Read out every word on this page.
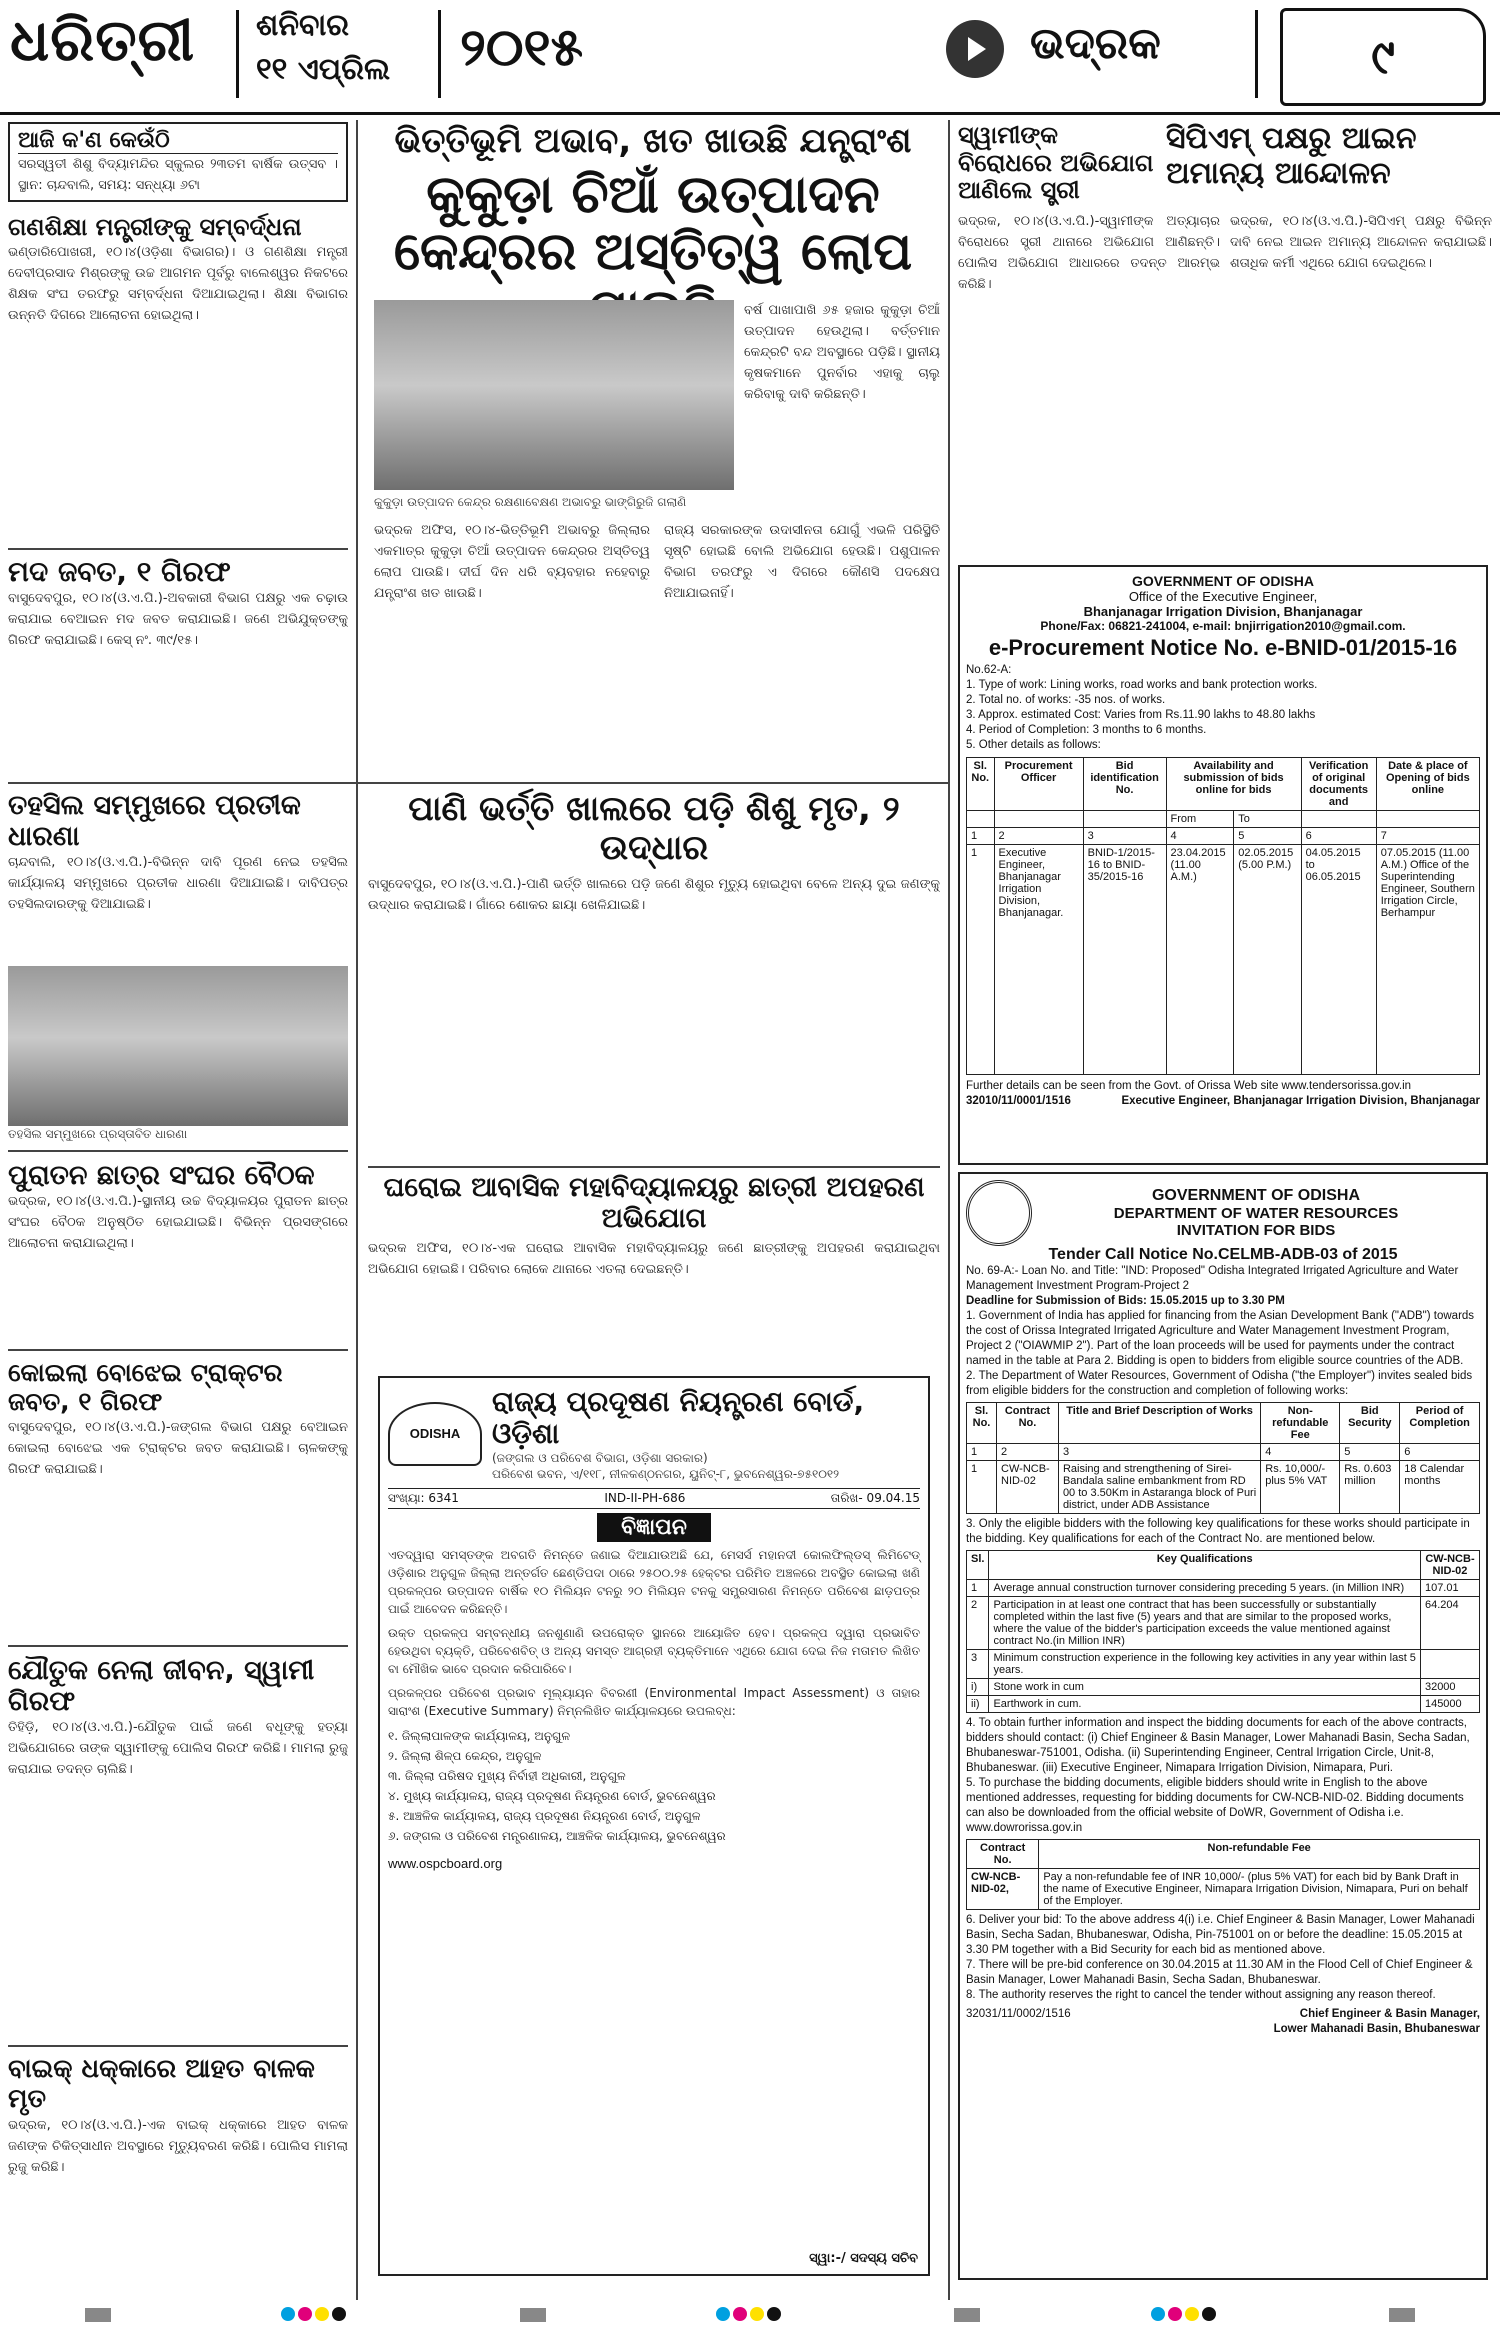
ଧରିତ୍ରୀ ଶନିବାର
୧୧ ଏପ୍ରିଲ ୨୦୧୫	ଭଦ୍ରକ	୯
ଆଜି କ'ଣ କେଉଁଠି
ସରସ୍ୱତୀ ଶିଶୁ ବିଦ୍ୟାମନ୍ଦିର ସ୍କୁଲର ୨୩ତମ ବାର୍ଷିକ ଉତ୍ସବ । ସ୍ଥାନ: ଚାନ୍ଦବାଲି, ସମୟ: ସନ୍ଧ୍ୟା ୬ଟା
ଗଣଶିକ୍ଷା ମନ୍ତ୍ରୀଙ୍କୁ ସମ୍ବର୍ଦ୍ଧନା
ଭଣ୍ଡାରିପୋଖରୀ, ୧୦।୪(ଓଡ଼ିଶା ବିଭାଗର)। ଓ ଗଣଶିକ୍ଷା ମନ୍ତ୍ରୀ ଦେବୀପ୍ରସାଦ ମିଶ୍ରଙ୍କୁ ଉଚ୍ଚ ଆଗମନ ପୂର୍ବରୁ ବାଲେଶ୍ୱର ନିକଟରେ ଶିକ୍ଷକ ସଂଘ ତରଫରୁ ସମ୍ବର୍ଦ୍ଧନା ଦିଆଯାଇଥିଲା। ଶିକ୍ଷା ବିଭାଗର ଉନ୍ନତି ଦିଗରେ ଆଲୋଚନା ହୋଇଥିଲା।
ମଦ ଜବତ, ୧ ଗିରଫ
ବାସୁଦେବପୁର, ୧୦।୪(ଓ.ଏ.ପି.)-ଅବକାରୀ ବିଭାଗ ପକ୍ଷରୁ ଏକ ଚଢ଼ାଉ କରାଯାଇ ବେଆଇନ ମଦ ଜବତ କରାଯାଇଛି। ଜଣେ ଅଭିଯୁକ୍ତଙ୍କୁ ଗିରଫ କରାଯାଇଛି। କେସ୍ ନଂ. ୩୯/୧୫।
ତହସିଲ ସମ୍ମୁଖରେ ପ୍ରତୀକ ଧାରଣା
ଚାନ୍ଦବାଲି, ୧୦।୪(ଓ.ଏ.ପି.)-ବିଭିନ୍ନ ଦାବି ପୂରଣ ନେଇ ତହସିଲ କାର୍ଯ୍ୟାଳୟ ସମ୍ମୁଖରେ ପ୍ରତୀକ ଧାରଣା ଦିଆଯାଇଛି। ଦାବିପତ୍ର ତହସିଲଦାରଙ୍କୁ ଦିଆଯାଇଛି।
ତହସିଲ ସମ୍ମୁଖରେ ପ୍ରସ୍ତାବିତ ଧାରଣା
ପୁରାତନ ଛାତ୍ର ସଂଘର ବୈଠକ
ଭଦ୍ରକ, ୧୦।୪(ଓ.ଏ.ପି.)-ସ୍ଥାନୀୟ ଉଚ୍ଚ ବିଦ୍ୟାଳୟର ପୁରାତନ ଛାତ୍ର ସଂଘର ବୈଠକ ଅନୁଷ୍ଠିତ ହୋଇଯାଇଛି। ବିଭିନ୍ନ ପ୍ରସଙ୍ଗରେ ଆଲୋଚନା କରାଯାଇଥିଲା।
କୋଇଲା ବୋଝେଇ ଟ୍ରାକ୍ଟର ଜବତ, ୧ ଗିରଫ
ବାସୁଦେବପୁର, ୧୦।୪(ଓ.ଏ.ପି.)-ଜଙ୍ଗଲ ବିଭାଗ ପକ୍ଷରୁ ବେଆଇନ କୋଇଲା ବୋଝେଇ ଏକ ଟ୍ରାକ୍ଟର ଜବତ କରାଯାଇଛି। ଚାଳକଙ୍କୁ ଗିରଫ କରାଯାଇଛି।
ଯୌତୁକ ନେଲା ଜୀବନ, ସ୍ୱାମୀ ଗିରଫ
ତିହିଡ଼ି, ୧୦।୪(ଓ.ଏ.ପି.)-ଯୌତୁକ ପାଇଁ ଜଣେ ବଧୂଙ୍କୁ ହତ୍ୟା ଅଭିଯୋଗରେ ତାଙ୍କ ସ୍ୱାମୀଙ୍କୁ ପୋଲିସ ଗିରଫ କରିଛି। ମାମଲା ରୁଜୁ କରାଯାଇ ତଦନ୍ତ ଚାଲିଛି।
ବାଇକ୍ ଧକ୍କାରେ ଆହତ ବାଳକ ମୃତ
ଭଦ୍ରକ, ୧୦।୪(ଓ.ଏ.ପି.)-ଏକ ବାଇକ୍ ଧକ୍କାରେ ଆହତ ବାଳକ ଜଣଙ୍କ ଚିକିତ୍ସାଧୀନ ଅବସ୍ଥାରେ ମୃତ୍ୟୁବରଣ କରିଛି। ପୋଲିସ ମାମଲା ରୁଜୁ କରିଛି।
ଭିତ୍ତିଭୂମି ଅଭାବ, ଖତ ଖାଉଛି ଯନ୍ତ୍ରାଂଶ
କୁକୁଡ଼ା ଚିଆଁ ଉତ୍ପାଦନ କେନ୍ଦ୍ରର ଅସ୍ତିତ୍ୱ ଲୋପ
କୁକୁଡ଼ା ଉତ୍ପାଦନ କେନ୍ଦ୍ର ରକ୍ଷଣାବେକ୍ଷଣ ଅଭାବରୁ ଭାଙ୍ଗିରୁଜି ଗଲାଣି
ବର୍ଷ ପାଖାପାଖି ୬୫ ହଜାର କୁକୁଡ଼ା ଚିଆଁ ଉତ୍ପାଦନ ହେଉଥିଲା। ବର୍ତ୍ତମାନ କେନ୍ଦ୍ରଟି ବନ୍ଦ ଅବସ୍ଥାରେ ପଡ଼ିଛି। ସ୍ଥାନୀୟ କୃଷକମାନେ ପୁନର୍ବାର ଏହାକୁ ଚାଲୁ କରିବାକୁ ଦାବି କରିଛନ୍ତି।
ଭଦ୍ରକ ଅଫିସ, ୧୦।୪-ଭିତ୍ତିଭୂମି ଅଭାବରୁ ଜିଲ୍ଲାର ଏକମାତ୍ର କୁକୁଡ଼ା ଚିଆଁ ଉତ୍ପାଦନ କେନ୍ଦ୍ରର ଅସ୍ତିତ୍ୱ ଲୋପ ପାଉଛି। ଦୀର୍ଘ ଦିନ ଧରି ବ୍ୟବହାର ନହେବାରୁ ଯନ୍ତ୍ରାଂଶ ଖତ ଖାଉଛି।
ରାଜ୍ୟ ସରକାରଙ୍କ ଉଦାସୀନତା ଯୋଗୁଁ ଏଭଳି ପରିସ୍ଥିତି ସୃଷ୍ଟି ହୋଇଛି ବୋଲି ଅଭିଯୋଗ ହେଉଛି। ପଶୁପାଳନ ବିଭାଗ ତରଫରୁ ଏ ଦିଗରେ କୌଣସି ପଦକ୍ଷେପ ନିଆଯାଇନାହିଁ।
ପାଣି ଭର୍ତ୍ତି ଖାଲରେ ପଡ଼ି ଶିଶୁ ମୃତ, ୨ ଉଦ୍ଧାର
ବାସୁଦେବପୁର, ୧୦।୪(ଓ.ଏ.ପି.)-ପାଣି ଭର୍ତ୍ତି ଖାଲରେ ପଡ଼ି ଜଣେ ଶିଶୁର ମୃତ୍ୟୁ ହୋଇଥିବା ବେଳେ ଅନ୍ୟ ଦୁଇ ଜଣଙ୍କୁ ଉଦ୍ଧାର କରାଯାଇଛି। ଗାଁରେ ଶୋକର ଛାୟା ଖେଳିଯାଇଛି।
ଘରୋଇ ଆବାସିକ ମହାବିଦ୍ୟାଳୟରୁ ଛାତ୍ରୀ ଅପହରଣ ଅଭିଯୋଗ
ଭଦ୍ରକ ଅଫିସ, ୧୦।୪-ଏକ ଘରୋଇ ଆବାସିକ ମହାବିଦ୍ୟାଳୟରୁ ଜଣେ ଛାତ୍ରୀଙ୍କୁ ଅପହରଣ କରାଯାଇଥିବା ଅଭିଯୋଗ ହୋଇଛି। ପରିବାର ଲୋକେ ଥାନାରେ ଏତଲା ଦେଇଛନ୍ତି।
ODISHA
ରାଜ୍ୟ ପ୍ରଦୂଷଣ ନିୟନ୍ତ୍ରଣ ବୋର୍ଡ, ଓଡ଼ିଶା
(ଜଙ୍ଗଲ ଓ ପରିବେଶ ବିଭାଗ, ଓଡ଼ିଶା ସରକାର)
ପରିବେଶ ଭବନ, ଏ/୧୧୮, ନୀଳକଣ୍ଠନଗର, ୟୁନିଟ୍-୮, ଭୁବନେଶ୍ୱର-୭୫୧୦୧୨
ସଂଖ୍ୟା: 6341	IND-II-PH-686	ତାରିଖ- 09.04.15
ବିଜ୍ଞାପନ
ଏତଦ୍ୱାରା ସମସ୍ତଙ୍କ ଅବଗତି ନିମନ୍ତେ ଜଣାଇ ଦିଆଯାଉଅଛି ଯେ, ମେସର୍ସ ମହାନଦୀ କୋଲଫିଲ୍ଡସ୍ ଲିମିଟେଡ୍ ଓଡ଼ିଶାର ଅନୁଗୁଳ ଜିଲ୍ଲା ଅନ୍ତର୍ଗତ ଛେଣ୍ଡିପଦା ଠାରେ ୨୫୦୦.୨୫ ହେକ୍ଟର ପରିମିତ ଅଞ୍ଚଳରେ ଅବସ୍ଥିତ କୋଇଲା ଖଣି ପ୍ରକଳ୍ପର ଉତ୍ପାଦନ ବାର୍ଷିକ ୧୦ ମିଲିୟନ ଟନରୁ ୨୦ ମିଲିୟନ ଟନକୁ ସମ୍ପ୍ରସାରଣ ନିମନ୍ତେ ପରିବେଶ ଛାଡ଼ପତ୍ର ପାଇଁ ଆବେଦନ କରିଛନ୍ତି।
ଉକ୍ତ ପ୍ରକଳ୍ପ ସମ୍ବନ୍ଧୀୟ ଜନଶୁଣାଣି ଉପରୋକ୍ତ ସ୍ଥାନରେ ଆୟୋଜିତ ହେବ। ପ୍ରକଳ୍ପ ଦ୍ୱାରା ପ୍ରଭାବିତ ହେଉଥିବା ବ୍ୟକ୍ତି, ପରିବେଶବିତ୍ ଓ ଅନ୍ୟ ସମସ୍ତ ଆଗ୍ରହୀ ବ୍ୟକ୍ତିମାନେ ଏଥିରେ ଯୋଗ ଦେଇ ନିଜ ମତାମତ ଲିଖିତ ବା ମୌଖିକ ଭାବେ ପ୍ରଦାନ କରିପାରିବେ।
ପ୍ରକଳ୍ପର ପରିବେଶ ପ୍ରଭାବ ମୂଲ୍ୟାୟନ ବିବରଣୀ (Environmental Impact Assessment) ଓ ତାହାର ସାରାଂଶ (Executive Summary) ନିମ୍ନଲିଖିତ କାର୍ଯ୍ୟାଳୟରେ ଉପଲବ୍ଧ:
୧. ଜିଲ୍ଲାପାଳଙ୍କ କାର୍ଯ୍ୟାଳୟ, ଅନୁଗୁଳ
୨. ଜିଲ୍ଲା ଶିଳ୍ପ କେନ୍ଦ୍ର, ଅନୁଗୁଳ
୩. ଜିଲ୍ଲା ପରିଷଦ ମୁଖ୍ୟ ନିର୍ବାହୀ ଅଧିକାରୀ, ଅନୁଗୁଳ
୪. ମୁଖ୍ୟ କାର୍ଯ୍ୟାଳୟ, ରାଜ୍ୟ ପ୍ରଦୂଷଣ ନିୟନ୍ତ୍ରଣ ବୋର୍ଡ, ଭୁବନେଶ୍ୱର
୫. ଆଞ୍ଚଳିକ କାର୍ଯ୍ୟାଳୟ, ରାଜ୍ୟ ପ୍ରଦୂଷଣ ନିୟନ୍ତ୍ରଣ ବୋର୍ଡ, ଅନୁଗୁଳ
୬. ଜଙ୍ଗଲ ଓ ପରିବେଶ ମନ୍ତ୍ରଣାଳୟ, ଆଞ୍ଚଳିକ କାର୍ଯ୍ୟାଳୟ, ଭୁବନେଶ୍ୱର
www.ospcboard.org
ସ୍ୱା:-/ ସଦସ୍ୟ ସଚିବ
ସ୍ୱାମୀଙ୍କ ବିରୋଧରେ ଅଭିଯୋଗ ଆଣିଲେ ସ୍ତ୍ରୀ
ସିପିଏମ୍ ପକ୍ଷରୁ ଆଇନ ଅମାନ୍ୟ ଆନ୍ଦୋଳନ
ଭଦ୍ରକ, ୧୦।୪(ଓ.ଏ.ପି.)-ସ୍ୱାମୀଙ୍କ ଅତ୍ୟାଚାର ବିରୋଧରେ ସ୍ତ୍ରୀ ଥାନାରେ ଅଭିଯୋଗ ଆଣିଛନ୍ତି। ପୋଲିସ ଅଭିଯୋଗ ଆଧାରରେ ତଦନ୍ତ ଆରମ୍ଭ କରିଛି।
ଭଦ୍ରକ, ୧୦।୪(ଓ.ଏ.ପି.)-ସିପିଏମ୍ ପକ୍ଷରୁ ବିଭିନ୍ନ ଦାବି ନେଇ ଆଇନ ଅମାନ୍ୟ ଆନ୍ଦୋଳନ କରାଯାଇଛି। ଶତାଧିକ କର୍ମୀ ଏଥିରେ ଯୋଗ ଦେଇଥିଲେ।
GOVERNMENT OF ODISHA
Office of the Executive Engineer,
Bhanjanagar Irrigation Division, Bhanjanagar
Phone/Fax: 06821-241004, e-mail: bnjirrigation2010@gmail.com.
e-Procurement Notice No. e-BNID-01/2015-16
No.62-A:
1. Type of work: Lining works, road works and bank protection works.
2. Total no. of works: -35 nos. of works.
3. Approx. estimated Cost: Varies from Rs.11.90 lakhs to 48.80 lakhs
4. Period of Completion: 3 months to 6 months.
5. Other details as follows:
Sl. No.	Procurement Officer	Bid identification No.	Availability and submission of bids online for bids		Verification of original documents and	Date & place of Opening of bids online
			From	To		
1	2	3	4	5	6	7
1	Executive Engineer, Bhanjanagar Irrigation Division, Bhanjanagar.	BNID-1/2015-16 to BNID-35/2015-16	23.04.2015 (11.00 A.M.)	02.05.2015 (5.00 P.M.)	04.05.2015 to 06.05.2015	07.05.2015 (11.00 A.M.) Office of the Superintending Engineer, Southern Irrigation Circle, Berhampur
Further details can be seen from the Govt. of Orissa Web site www.tendersorissa.gov.in
32010/11/0001/1516	Executive Engineer, Bhanjanagar Irrigation Division, Bhanjanagar
GOVERNMENT OF ODISHA
DEPARTMENT OF WATER RESOURCES
INVITATION FOR BIDS
Tender Call Notice No.CELMB-ADB-03 of 2015
No. 69-A:- Loan No. and Title: "IND: Proposed" Odisha Integrated Irrigated Agriculture and Water Management Investment Program-Project 2
Deadline for Submission of Bids: 15.05.2015 up to 3.30 PM
1. Government of India has applied for financing from the Asian Development Bank ("ADB") towards the cost of Orissa Integrated Irrigated Agriculture and Water Management Investment Program, Project 2 ("OIAWMIP 2"). Part of the loan proceeds will be used for payments under the contract named in the table at Para 2. Bidding is open to bidders from eligible source countries of the ADB.
2. The Department of Water Resources, Government of Odisha ("the Employer") invites sealed bids from eligible bidders for the construction and completion of following works:
Sl. No.	Contract No.	Title and Brief Description of Works	Non-refundable Fee	Bid Security	Period of Completion
1	2	3	4	5	6
1	CW-NCB-NID-02	Raising and strengthening of Sirei-Bandala saline embankment from RD 00 to 3.50Km in Astaranga block of Puri district, under ADB Assistance	Rs. 10,000/- plus 5% VAT	Rs. 0.603 million	18 Calendar months
3. Only the eligible bidders with the following key qualifications for these works should participate in the bidding. Key qualifications for each of the Contract No. are mentioned below.
Sl.	Key Qualifications	CW-NCB-NID-02
1	Average annual construction turnover considering preceding 5 years. (in Million INR)	107.01
2	Participation in at least one contract that has been successfully or substantially completed within the last five (5) years and that are similar to the proposed works, where the value of the bidder's participation exceeds the value mentioned against contract No.(in Million INR)	64.204
3	Minimum construction experience in the following key activities in any year within last 5 years.	
i)	Stone work in cum	32000
ii)	Earthwork in cum.	145000
4. To obtain further information and inspect the bidding documents for each of the above contracts, bidders should contact: (i) Chief Engineer & Basin Manager, Lower Mahanadi Basin, Secha Sadan, Bhubaneswar-751001, Odisha. (ii) Superintending Engineer, Central Irrigation Circle, Unit-8, Bhubaneswar. (iii) Executive Engineer, Nimapara Irrigation Division, Nimapara, Puri.
5. To purchase the bidding documents, eligible bidders should write in English to the above mentioned addresses, requesting for bidding documents for CW-NCB-NID-02. Bidding documents can also be downloaded from the official website of DoWR, Government of Odisha i.e. www.dowrorissa.gov.in
Contract No.	Non-refundable Fee
CW-NCB-NID-02,	Pay a non-refundable fee of INR 10,000/- (plus 5% VAT) for each bid by Bank Draft in the name of Executive Engineer, Nimapara Irrigation Division, Nimapara, Puri on behalf of the Employer.
6. Deliver your bid: To the above address 4(i) i.e. Chief Engineer & Basin Manager, Lower Mahanadi Basin, Secha Sadan, Bhubaneswar, Odisha, Pin-751001 on or before the deadline: 15.05.2015 at 3.30 PM together with a Bid Security for each bid as mentioned above.
7. There will be pre-bid conference on 30.04.2015 at 11.30 AM in the Flood Cell of Chief Engineer & Basin Manager, Lower Mahanadi Basin, Secha Sadan, Bhubaneswar.
8. The authority reserves the right to cancel the tender without assigning any reason thereof.
32031/11/0002/1516	Chief Engineer & Basin Manager,
Lower Mahanadi Basin, Bhubaneswar
